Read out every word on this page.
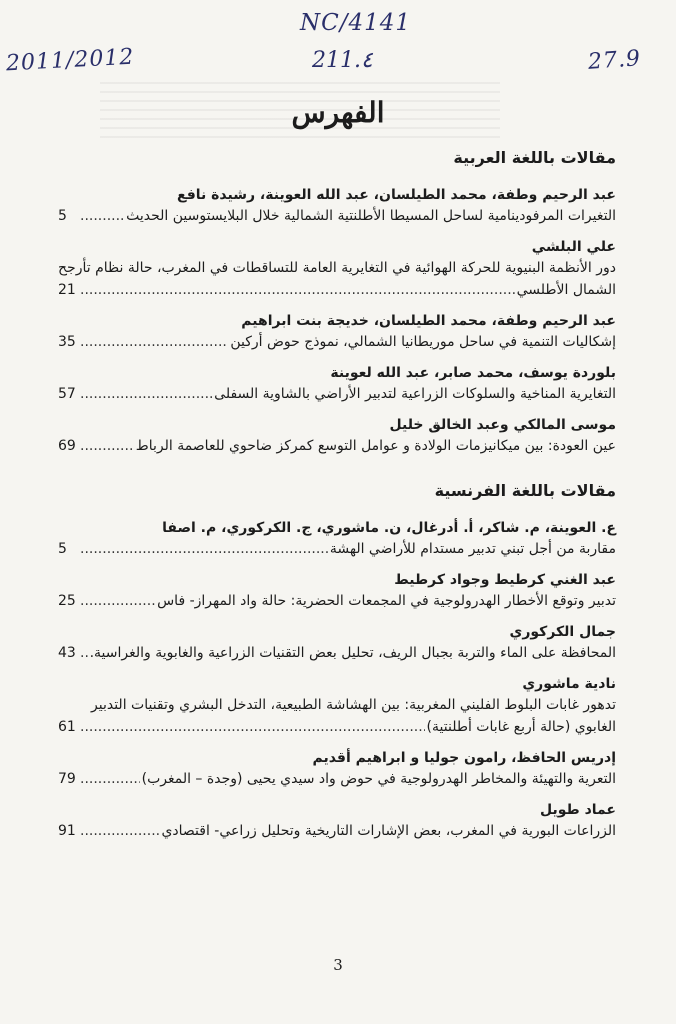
2011/2012
NC/4141
211.٤	27.9
الفهرس
مقالات باللغة العربية
عبد الرحيم وطفة، محمد الطيلسان، عبد الله العوينة، رشيدة نافع
التغيرات المرفودينامية لساحل المسيطا الأطلنتية الشمالية خلال البلايستوسين الحديث
.....
5
علي البلشي
دور الأنظمة البنيوية للحركة الهوائية في التغايرية العامة للتساقطات في المغرب، حالة نظام تأرجح
الشمال الأطلسي
.....
21
عبد الرحيم وطفة، محمد الطيلسان، خديجة بنت ابراهيم
إشكاليات التنمية في ساحل موريطانيا الشمالي، نموذج حوض أركين
.....
35
بلوردة يوسف، محمد صابر، عبد الله لعوينة
التغايرية المناخية والسلوكات الزراعية لتدبير الأراضي بالشاوية السفلى
.....
57
موسى المالكي وعبد الخالق خليل
عين العودة: بين ميكانيزمات الولادة و عوامل التوسع كمركز ضاحوي للعاصمة الرباط
.....
69
مقالات باللغة الفرنسية
ع. العوينة، م. شاكر، أ. أدرغال، ن. ماشوري، ج. الكركوري، م. اصفا
مقاربة من أجل تبني تدبير مستدام للأراضي الهشة
.....
5
عبد الغني كرطيط وجواد كرطيط
تدبير وتوقع الأخطار الهدرولوجية في المجمعات الحضرية: حالة واد المهراز- فاس
.....
25
جمال الكركوري
المحافظة على الماء والتربة بجبال الريف، تحليل بعض التقنيات الزراعية والغابوية والغراسية.
.....
43
نادية ماشوري
تدهور غابات البلوط الفليني المغربية: بين الهشاشة الطبيعية، التدخل البشري وتقنيات التدبير
الغابوي (حالة أربع غابات أطلنتية)
.....
61
إدريس الحافظ، رامون جوليا و ابراهيم أقديم
التعرية والتهيئة والمخاطر الهدرولوجية في حوض واد سيدي يحيى (وجدة – المغرب)
.....
79
عماد طويل
الزراعات البورية في المغرب، بعض الإشارات التاريخية وتحليل زراعي- اقتصادي
.....
91
3
